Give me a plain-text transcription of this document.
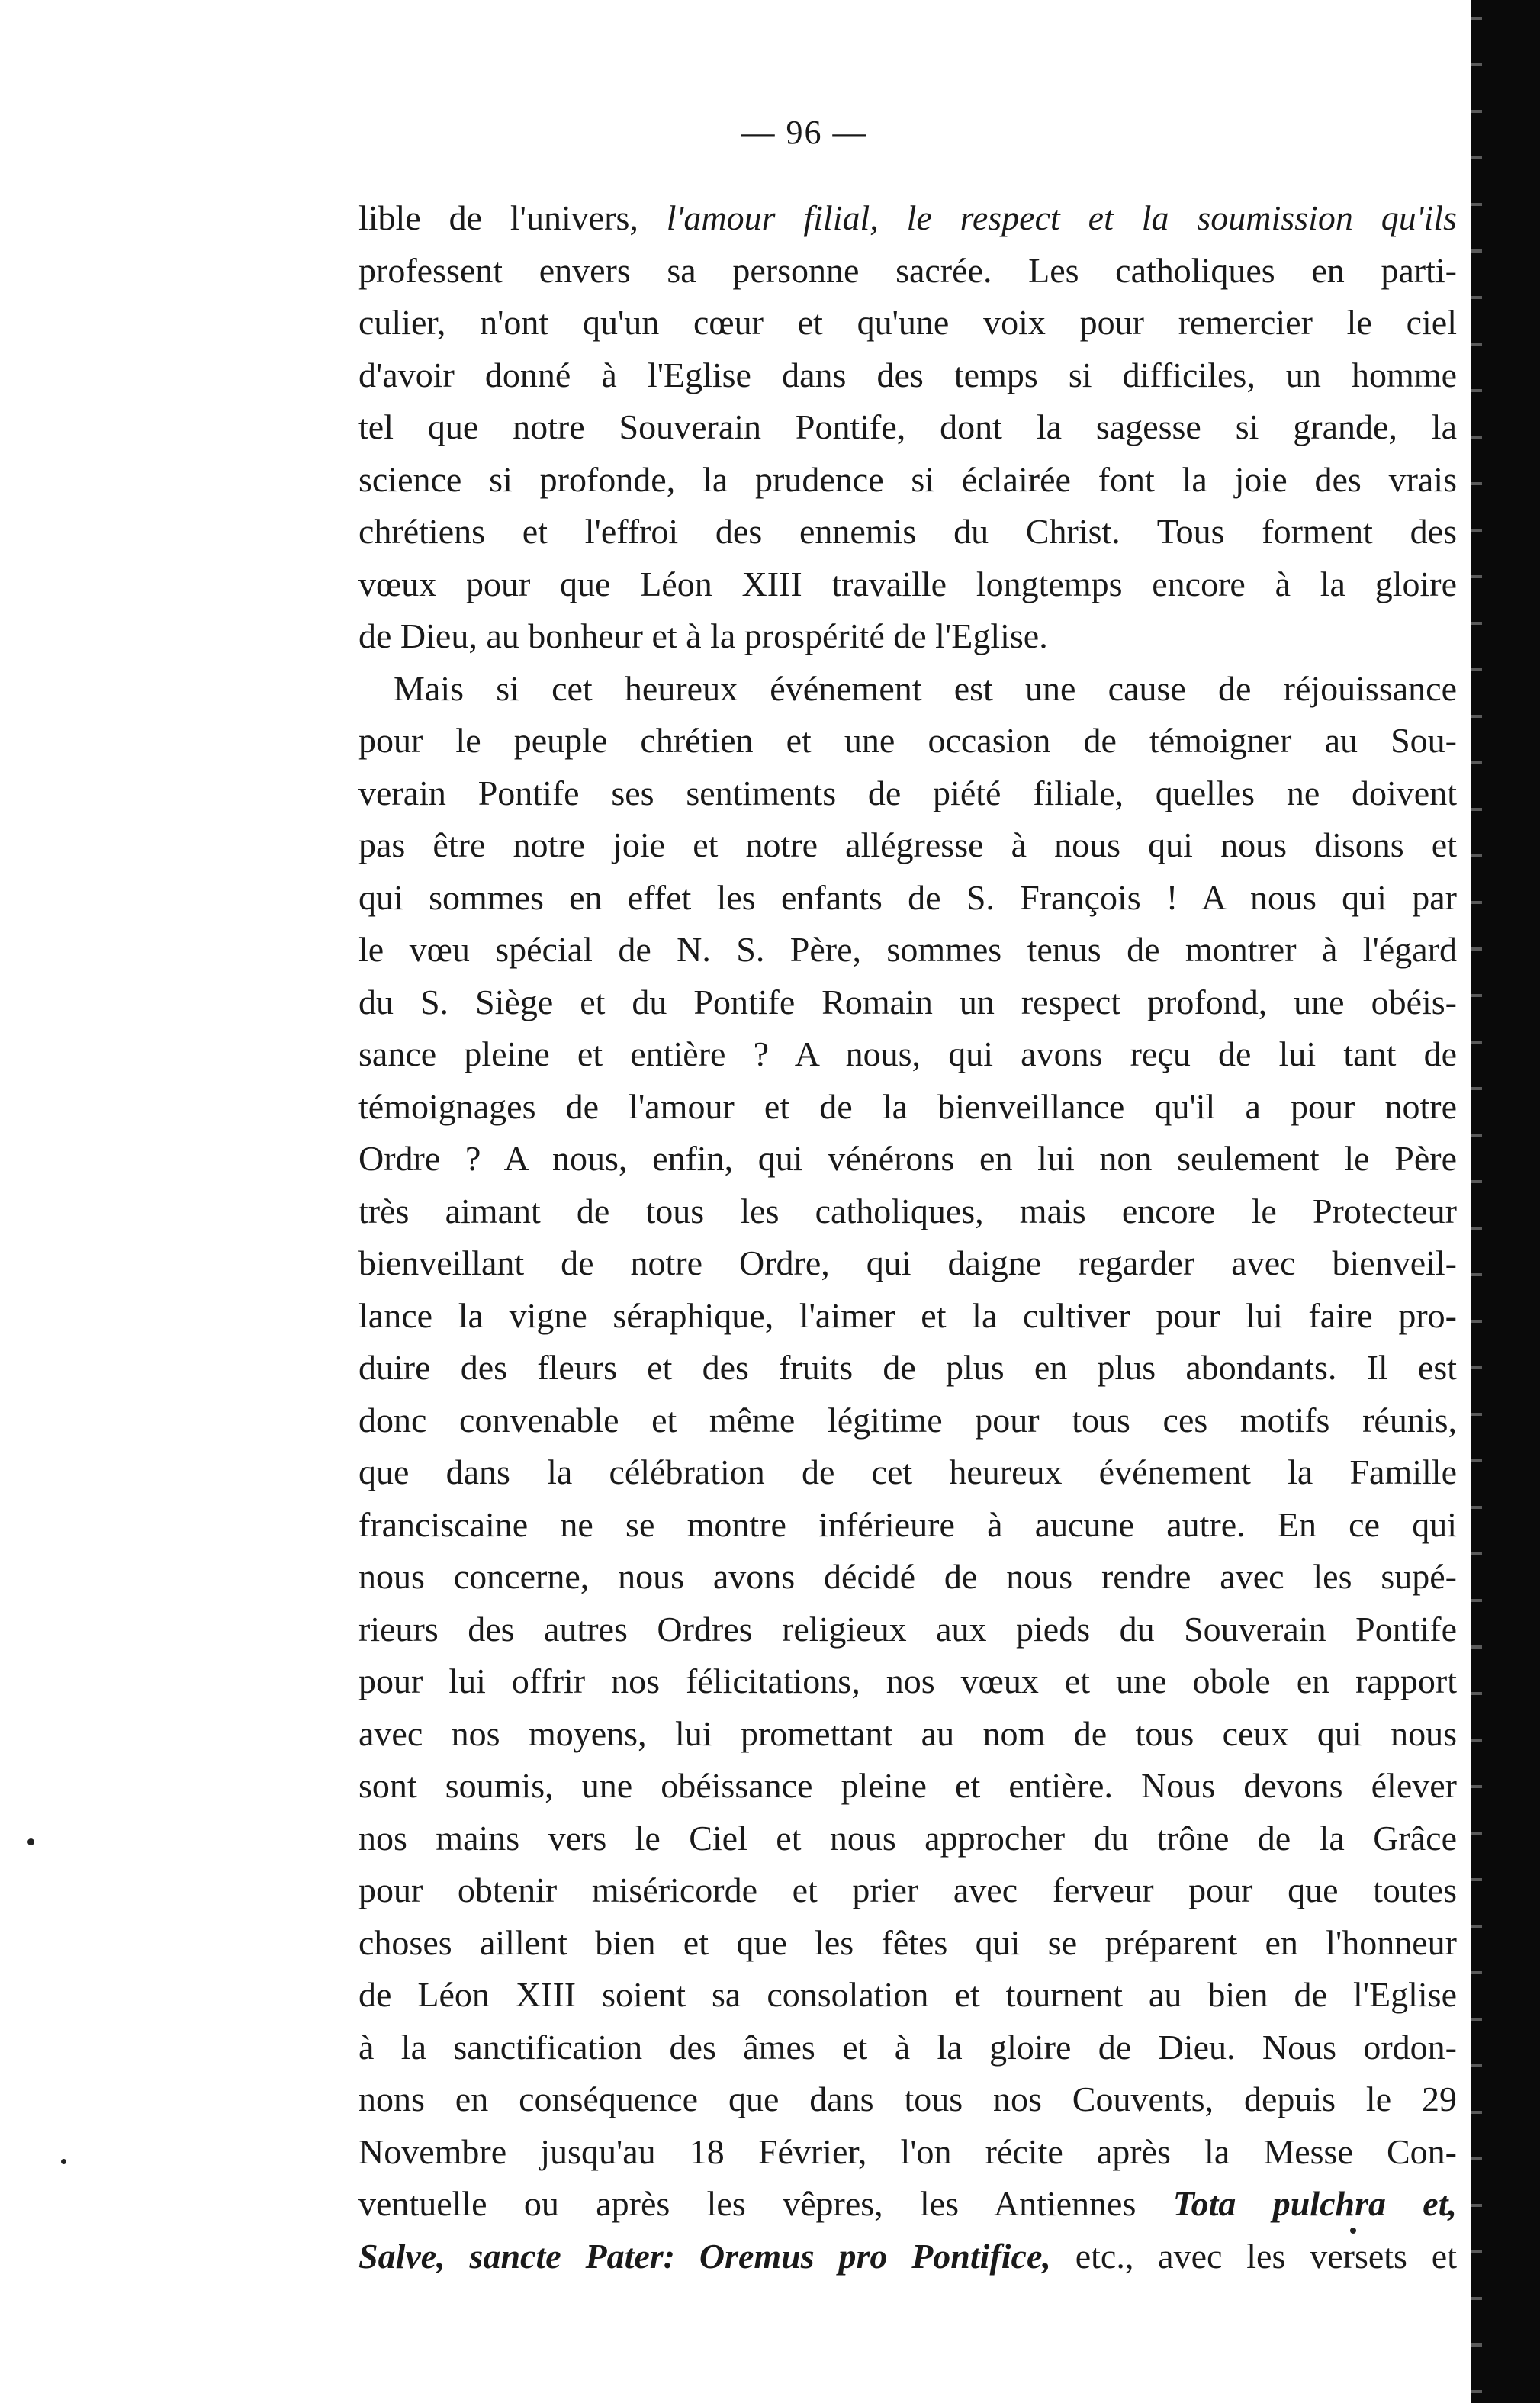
— 96 —
lible de l'univers, l'amour filial, le respect et la soumission qu'ils
professent envers sa personne sacrée. Les catholiques en parti-
culier, n'ont qu'un cœur et qu'une voix pour remercier le ciel
d'avoir donné à l'Eglise dans des temps si difficiles, un homme
tel que notre Souverain Pontife, dont la sagesse si grande, la
science si profonde, la prudence si éclairée font la joie des vrais
chrétiens et l'effroi des ennemis du Christ. Tous forment des
vœux pour que Léon XIII travaille longtemps encore à la gloire
de Dieu, au bonheur et à la prospérité de l'Eglise.
Mais si cet heureux événement est une cause de réjouissance
pour le peuple chrétien et une occasion de témoigner au Sou-
verain Pontife ses sentiments de piété filiale, quelles ne doivent
pas être notre joie et notre allégresse à nous qui nous disons et
qui sommes en effet les enfants de S. François ! A nous qui par
le vœu spécial de N. S. Père, sommes tenus de montrer à l'égard
du S. Siège et du Pontife Romain un respect profond, une obéis-
sance pleine et entière ? A nous, qui avons reçu de lui tant de
témoignages de l'amour et de la bienveillance qu'il a pour notre
Ordre ? A nous, enfin, qui vénérons en lui non seulement le Père
très aimant de tous les catholiques, mais encore le Protecteur
bienveillant de notre Ordre, qui daigne regarder avec bienveil-
lance la vigne séraphique, l'aimer et la cultiver pour lui faire pro-
duire des fleurs et des fruits de plus en plus abondants. Il est
donc convenable et même légitime pour tous ces motifs réunis,
que dans la célébration de cet heureux événement la Famille
franciscaine ne se montre inférieure à aucune autre. En ce qui
nous concerne, nous avons décidé de nous rendre avec les supé-
rieurs des autres Ordres religieux aux pieds du Souverain Pontife
pour lui offrir nos félicitations, nos vœux et une obole en rapport
avec nos moyens, lui promettant au nom de tous ceux qui nous
sont soumis, une obéissance pleine et entière. Nous devons élever
nos mains vers le Ciel et nous approcher du trône de la Grâce
pour obtenir miséricorde et prier avec ferveur pour que toutes
choses aillent bien et que les fêtes qui se préparent en l'honneur
de Léon XIII soient sa consolation et tournent au bien de l'Eglise
à la sanctification des âmes et à la gloire de Dieu. Nous ordon-
nons en conséquence que dans tous nos Couvents, depuis le 29
Novembre jusqu'au 18 Février, l'on récite après la Messe Con-
ventuelle ou après les vêpres, les Antiennes Tota pulchra et,
Salve, sancte Pater: Oremus pro Pontifice, etc., avec les versets et
